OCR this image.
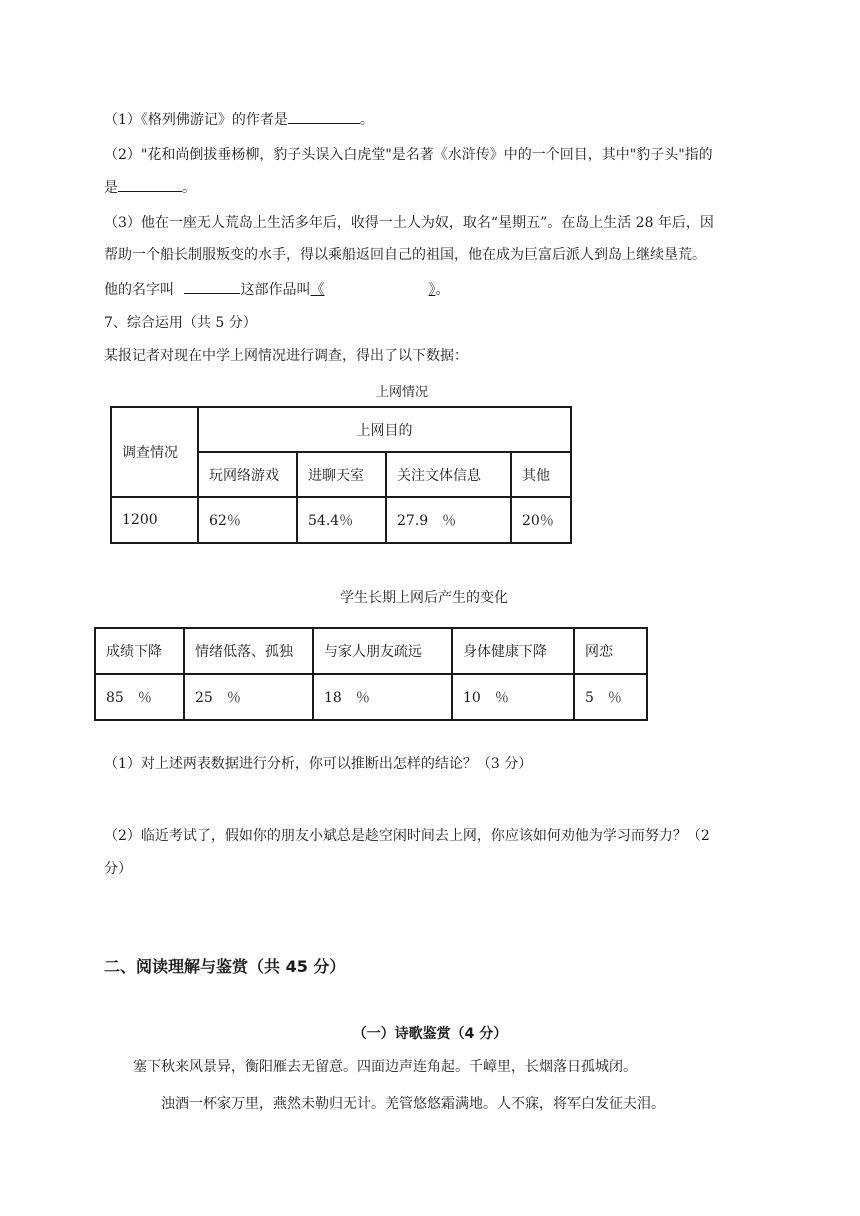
（1）《格列佛游记》的作者是	。
（2）"花和尚倒拔垂杨柳，豹子头误入白虎堂"是名著《水浒传》中的一个回目，其中"豹子头"指的
是	。
（3）他在一座无人荒岛上生活多年后，收得一土人为奴，取名“星期五”。在岛上生活 28 年后，因
帮助一个船长制服叛变的水手，得以乘船返回自己的祖国，他在成为巨富后派人到岛上继续垦荒。
他的名字叫	这部作品叫《	》。
7、综合运用（共 5 分）
某报记者对现在中学上网情况进行调查，得出了以下数据：
上网情况
调查情况	上网目的			
	玩网络游戏	进聊天室	关注文体信息	其他
1200	62％	54.4％	27.9　％	20％
学生长期上网后产生的变化
成绩下降	情绪低落、孤独	与家人朋友疏远	身体健康下降	网恋
85　％	25　％	18　％	10　％	5　％
（1）对上述两表数据进行分析，你可以推断出怎样的结论？（3 分）
（2）临近考试了，假如你的朋友小斌总是趁空闲时间去上网，你应该如何劝他为学习而努力？（2
分）
二、阅读理解与鉴赏（共 45 分）
（一）诗歌鉴赏（4 分）
塞下秋来风景异，衡阳雁去无留意。四面边声连角起。千嶂里，长烟落日孤城闭。
浊酒一杯家万里，燕然未勒归无计。羌管悠悠霜满地。人不寐，将军白发征夫泪。
